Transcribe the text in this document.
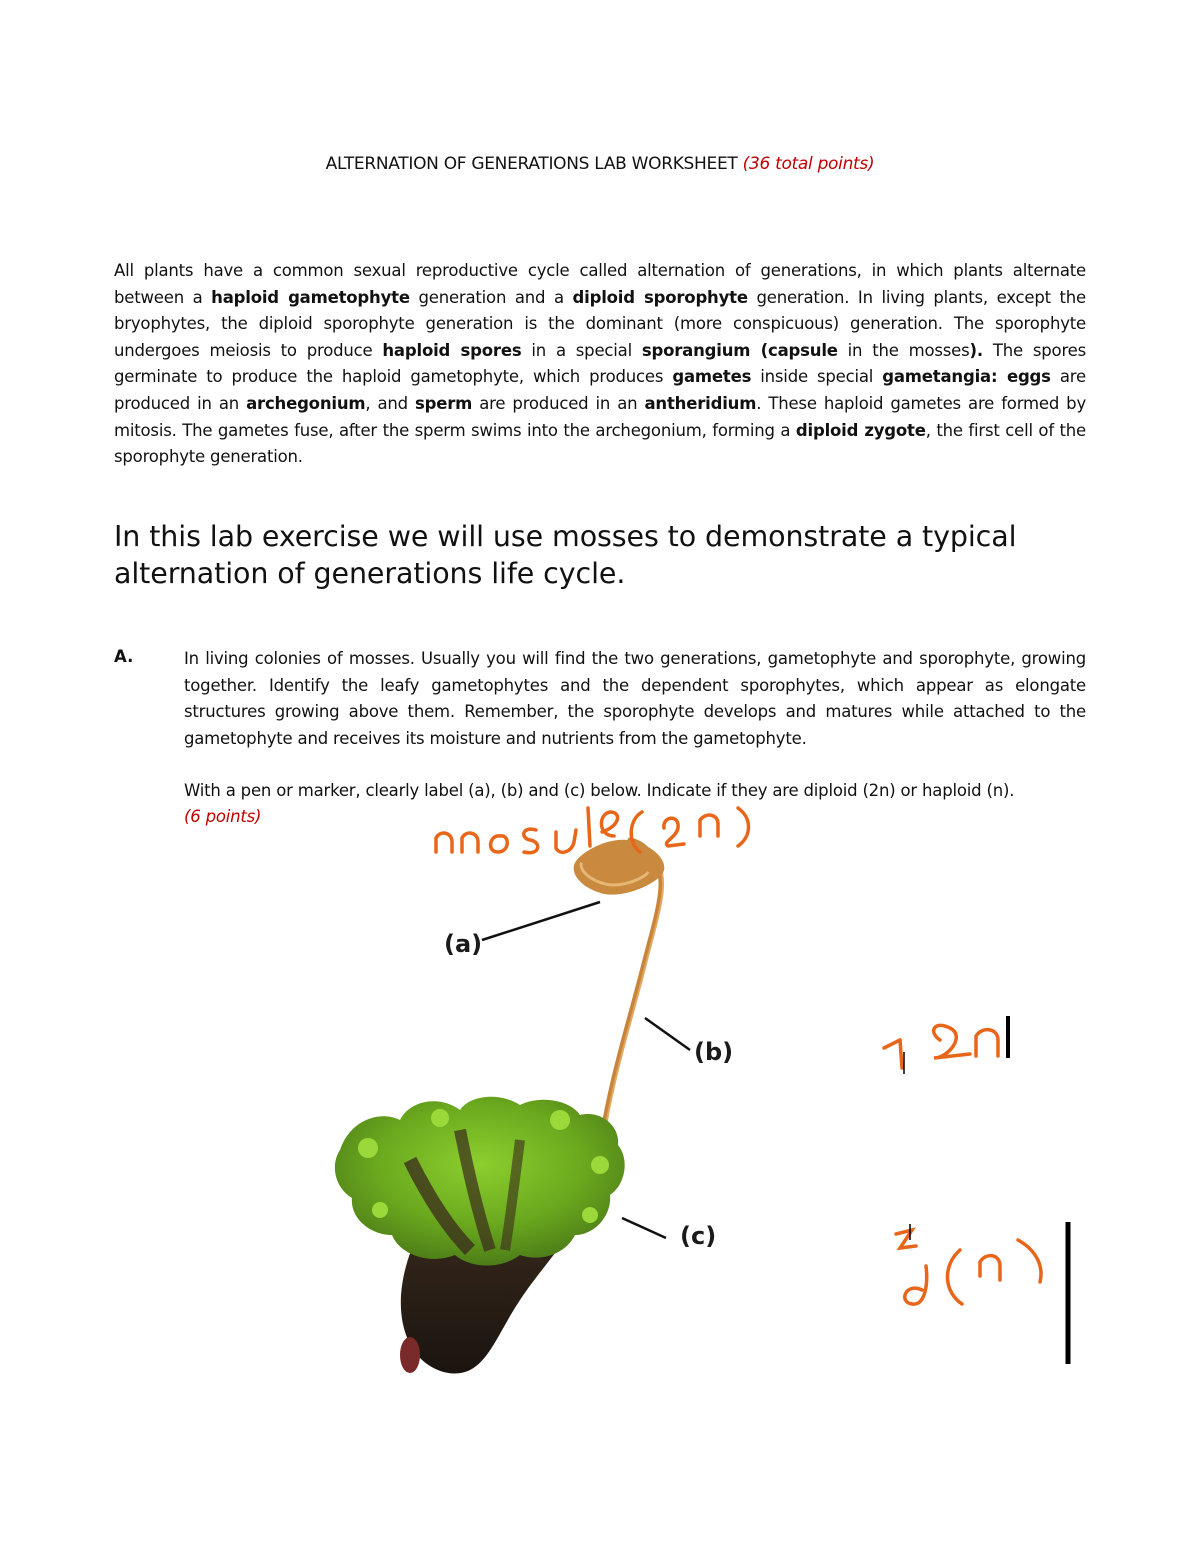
ALTERNATION OF GENERATIONS LAB WORKSHEET (36 total points)
All plants have a common sexual reproductive cycle called alternation of generations, in which plants alternate between a haploid gametophyte generation and a diploid sporophyte generation. In living plants, except the bryophytes, the diploid sporophyte generation is the dominant (more conspicuous) generation. The sporophyte undergoes meiosis to produce haploid spores in a special sporangium (capsule in the mosses). The spores germinate to produce the haploid gametophyte, which produces gametes inside special gametangia: eggs are produced in an archegonium, and sperm are produced in an antheridium. These haploid gametes are formed by mitosis. The gametes fuse, after the sperm swims into the archegonium, forming a diploid zygote, the first cell of the sporophyte generation.
In this lab exercise we will use mosses to demonstrate a typical alternation of generations life cycle.
A.	In living colonies of mosses. Usually you will find the two generations, gametophyte and sporophyte, growing together. Identify the leafy gametophytes and the dependent sporophytes, which appear as elongate structures growing above them. Remember, the sporophyte develops and matures while attached to the gametophyte and receives its moisture and nutrients from the gametophyte.
With a pen or marker, clearly label (a), (b) and (c) below. Indicate if they are diploid (2n) or haploid (n).
(6 points)
(a)
(b)
(c)
